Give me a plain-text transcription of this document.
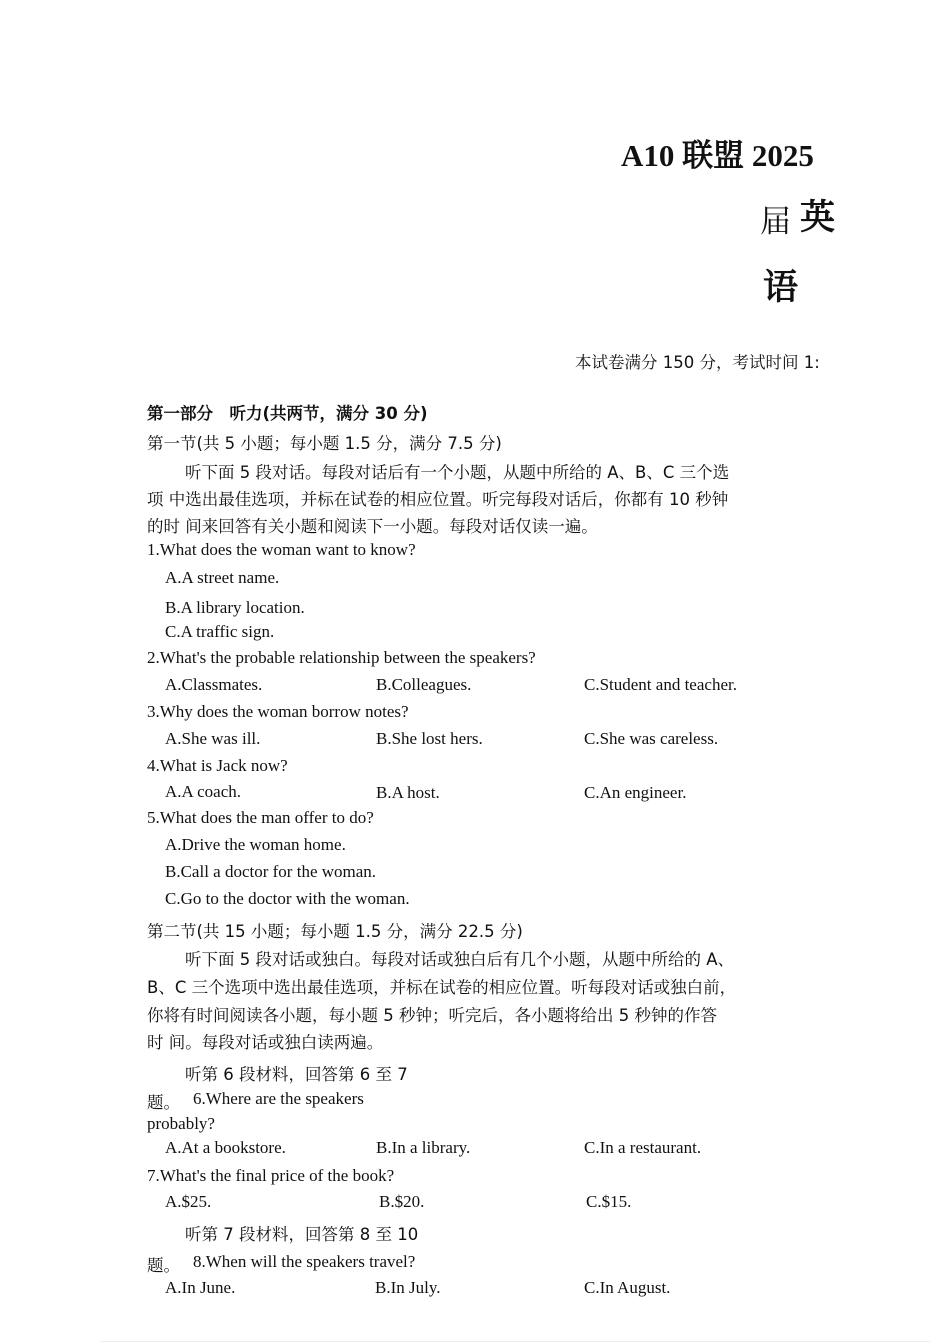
A10 联盟 2025
届 英
语
本试卷满分 150 分，考试时间 1:
第一部分　听力(共两节，满分 30 分)
第一节(共 5 小题；每小题 1.5 分，满分 7.5 分)
听下面 5 段对话。每段对话后有一个小题，从题中所给的 A、B、C 三个选
项 中选出最佳选项，并标在试卷的相应位置。听完每段对话后，你都有 10 秒钟
的时 间来回答有关小题和阅读下一小题。每段对话仅读一遍。
1.What does the woman want to know?
A.A street name.
B.A library location.
C.A traffic sign.
2.What's the probable relationship between the speakers?
A.Classmates.	B.Colleagues.	C.Student and teacher.
3.Why does the woman borrow notes?
A.She was ill.	B.She lost hers.	C.She was careless.
4.What is Jack now?
A.A coach.	B.A host.	C.An engineer.
5.What does the man offer to do?
A.Drive the woman home.
B.Call a doctor for the woman.
C.Go to the doctor with the woman.
第二节(共 15 小题；每小题 1.5 分，满分 22.5 分)
听下面 5 段对话或独白。每段对话或独白后有几个小题，从题中所给的 A、
B、C 三个选项中选出最佳选项，并标在试卷的相应位置。听每段对话或独白前，
你将有时间阅读各小题，每小题 5 秒钟；听完后，各小题将给出 5 秒钟的作答
时 间。每段对话或独白读两遍。
听第 6 段材料，回答第 6 至 7
题。 6.Where are the speakers
probably?
A.At a bookstore.	B.In a library.	C.In a restaurant.
7.What's the final price of the book?
A.$25.	B.$20.	C.$15.
听第 7 段材料，回答第 8 至 10
题。 8.When will the speakers travel?
A.In June.	B.In July.	C.In August.
